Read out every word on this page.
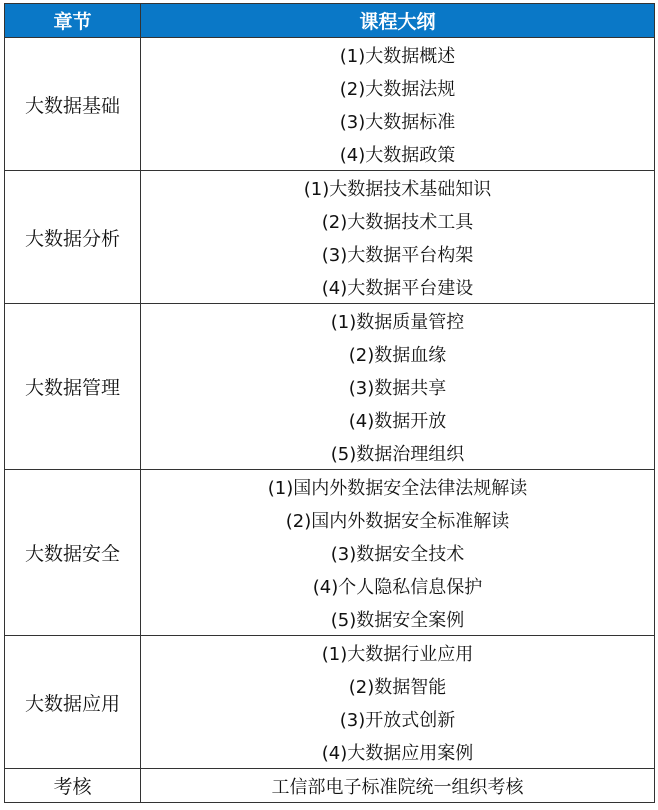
章节	课程大纲
大数据基础	(1)大数据概述
	(2)大数据法规
	(3)大数据标准
	(4)大数据政策
大数据分析	(1)大数据技术基础知识
	(2)大数据技术工具
	(3)大数据平台构架
	(4)大数据平台建设
大数据管理	(1)数据质量管控
	(2)数据血缘
	(3)数据共享
	(4)数据开放
	(5)数据治理组织
大数据安全	(1)国内外数据安全法律法规解读
	(2)国内外数据安全标准解读
	(3)数据安全技术
	(4)个人隐私信息保护
	(5)数据安全案例
大数据应用	(1)大数据行业应用
	(2)数据智能
	(3)开放式创新
	(4)大数据应用案例
考核	工信部电子标准院统一组织考核
